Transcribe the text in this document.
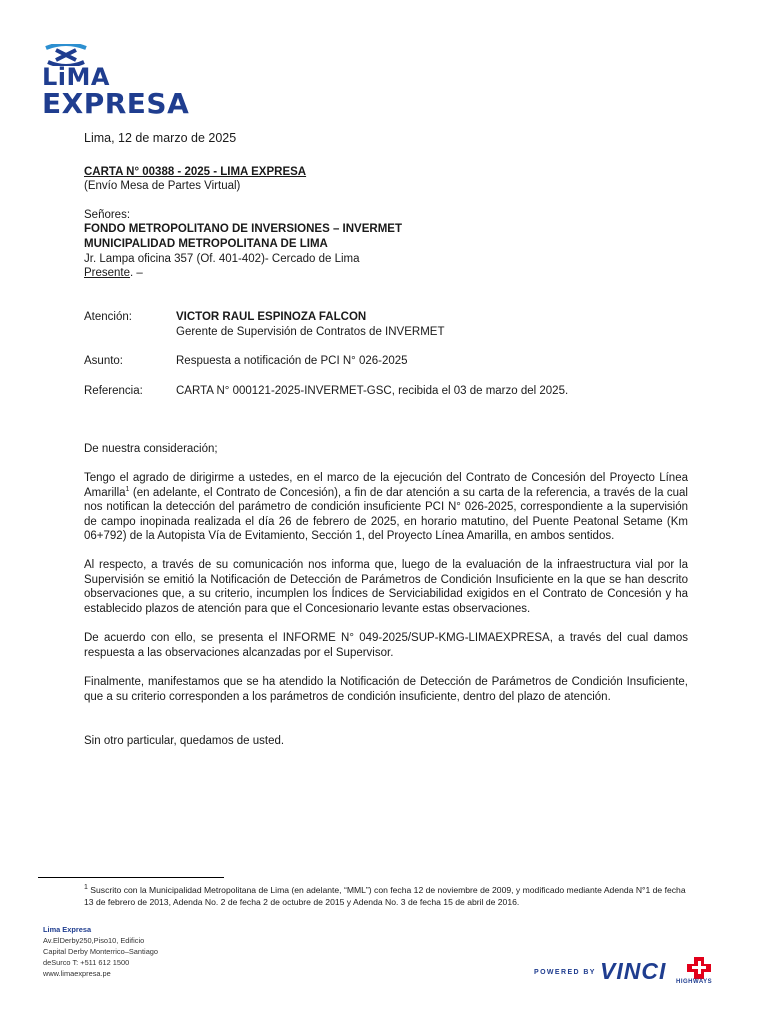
LiMA
EXPRESA
Lima, 12 de marzo de 2025
CARTA N° 00388 - 2025 - LIMA EXPRESA
(Envío Mesa de Partes Virtual)
Señores:
FONDO METROPOLITANO DE INVERSIONES – INVERMET
MUNICIPALIDAD METROPOLITANA DE LIMA
Jr. Lampa oficina 357 (Of. 401-402)- Cercado de Lima
Presente. –
Atención:	VICTOR RAUL ESPINOZA FALCON
Gerente de Supervisión de Contratos de INVERMET
Asunto:	Respuesta a notificación de PCI N° 026-2025
Referencia:	CARTA N° 000121-2025-INVERMET-GSC, recibida el 03 de marzo del 2025.
De nuestra consideración;
Tengo el agrado de dirigirme a ustedes, en el marco de la ejecución del Contrato de Concesión del Proyecto Línea Amarilla$^1$ (en adelante, el Contrato de Concesión), a fin de dar atención a su carta de la referencia, a través de la cual nos notifican la detección del parámetro de condición insuficiente PCI N° 026-2025, correspondiente a la supervisión de campo inopinada realizada el día 26 de febrero de 2025, en horario matutino, del Puente Peatonal Setame (Km 06+792) de la Autopista Vía de Evitamiento, Sección 1, del Proyecto Línea Amarilla, en ambos sentidos.
Al respecto, a través de su comunicación nos informa que, luego de la evaluación de la infraestructura vial por la Supervisión se emitió la Notificación de Detección de Parámetros de Condición Insuficiente en la que se han descrito observaciones que, a su criterio, incumplen los Índices de Serviciabilidad exigidos en el Contrato de Concesión y ha establecido plazos de atención para que el Concesionario levante estas observaciones.
De acuerdo con ello, se presenta el INFORME N° 049-2025/SUP-KMG-LIMAEXPRESA, a través del cual damos respuesta a las observaciones alcanzadas por el Supervisor.
Finalmente, manifestamos que se ha atendido la Notificación de Detección de Parámetros de Condición Insuficiente, que a su criterio corresponden a los parámetros de condición insuficiente, dentro del plazo de atención.
Sin otro particular, quedamos de usted.
$^1$ Suscrito con la Municipalidad Metropolitana de Lima (en adelante, “MML”) con fecha 12 de noviembre de 2009, y modificado mediante Adenda N°1 de fecha 13 de febrero de 2013, Adenda No. 2 de fecha 2 de octubre de 2015 y Adenda No. 3 de fecha 15 de abril de 2016.
Lima Expresa
Av.ElDerby250,Piso10, Edificio
Capital Derby Monterrico–Santiago
deSurco T: +511 612 1500
www.limaexpresa.pe	POWERED BY VINCI HIGHWAYS
